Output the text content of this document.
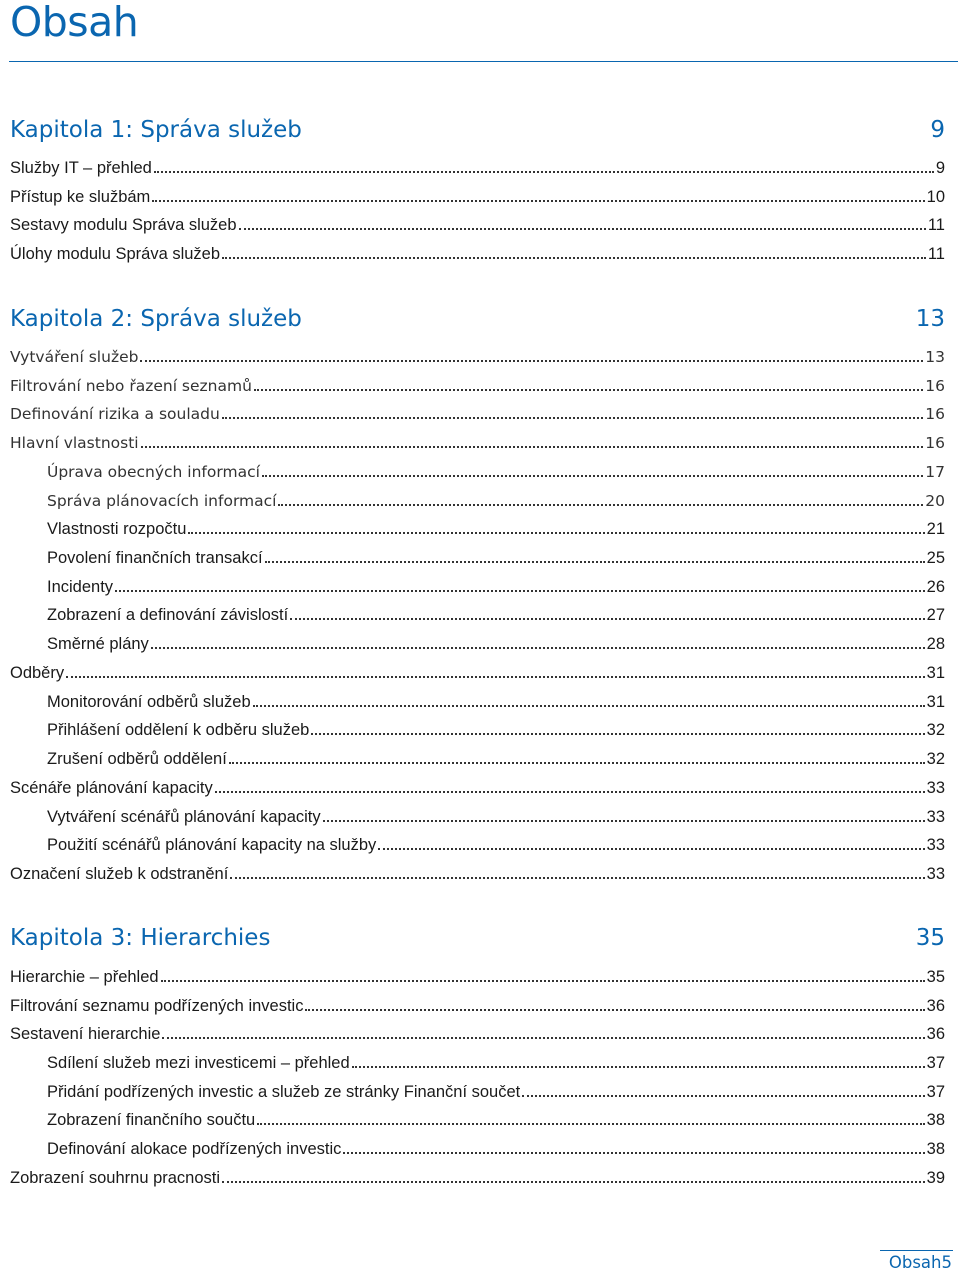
Obsah
Kapitola 1: Správa služeb	9
Služby IT – přehled	9
Přístup ke službám	10
Sestavy modulu Správa služeb	11
Úlohy modulu Správa služeb	11
Kapitola 2: Správa služeb	13
Vytváření služeb	13
Filtrování nebo řazení seznamů	16
Definování rizika a souladu	16
Hlavní vlastnosti	16
Úprava obecných informací	17
Správa plánovacích informací	20
Vlastnosti rozpočtu	21
Povolení finančních transakcí	25
Incidenty	26
Zobrazení a definování závislostí	27
Směrné plány	28
Odběry	31
Monitorování odběrů služeb	31
Přihlášení oddělení k odběru služeb	32
Zrušení odběrů oddělení	32
Scénáře plánování kapacity	33
Vytváření scénářů plánování kapacity	33
Použití scénářů plánování kapacity na služby	33
Označení služeb k odstranění	33
Kapitola 3: Hierarchies	35
Hierarchie – přehled	35
Filtrování seznamu podřízených investic	36
Sestavení hierarchie	36
Sdílení služeb mezi investicemi – přehled	37
Přidání podřízených investic a služeb ze stránky Finanční součet	37
Zobrazení finančního součtu	38
Definování alokace podřízených investic	38
Zobrazení souhrnu pracnosti	39
Obsah5
